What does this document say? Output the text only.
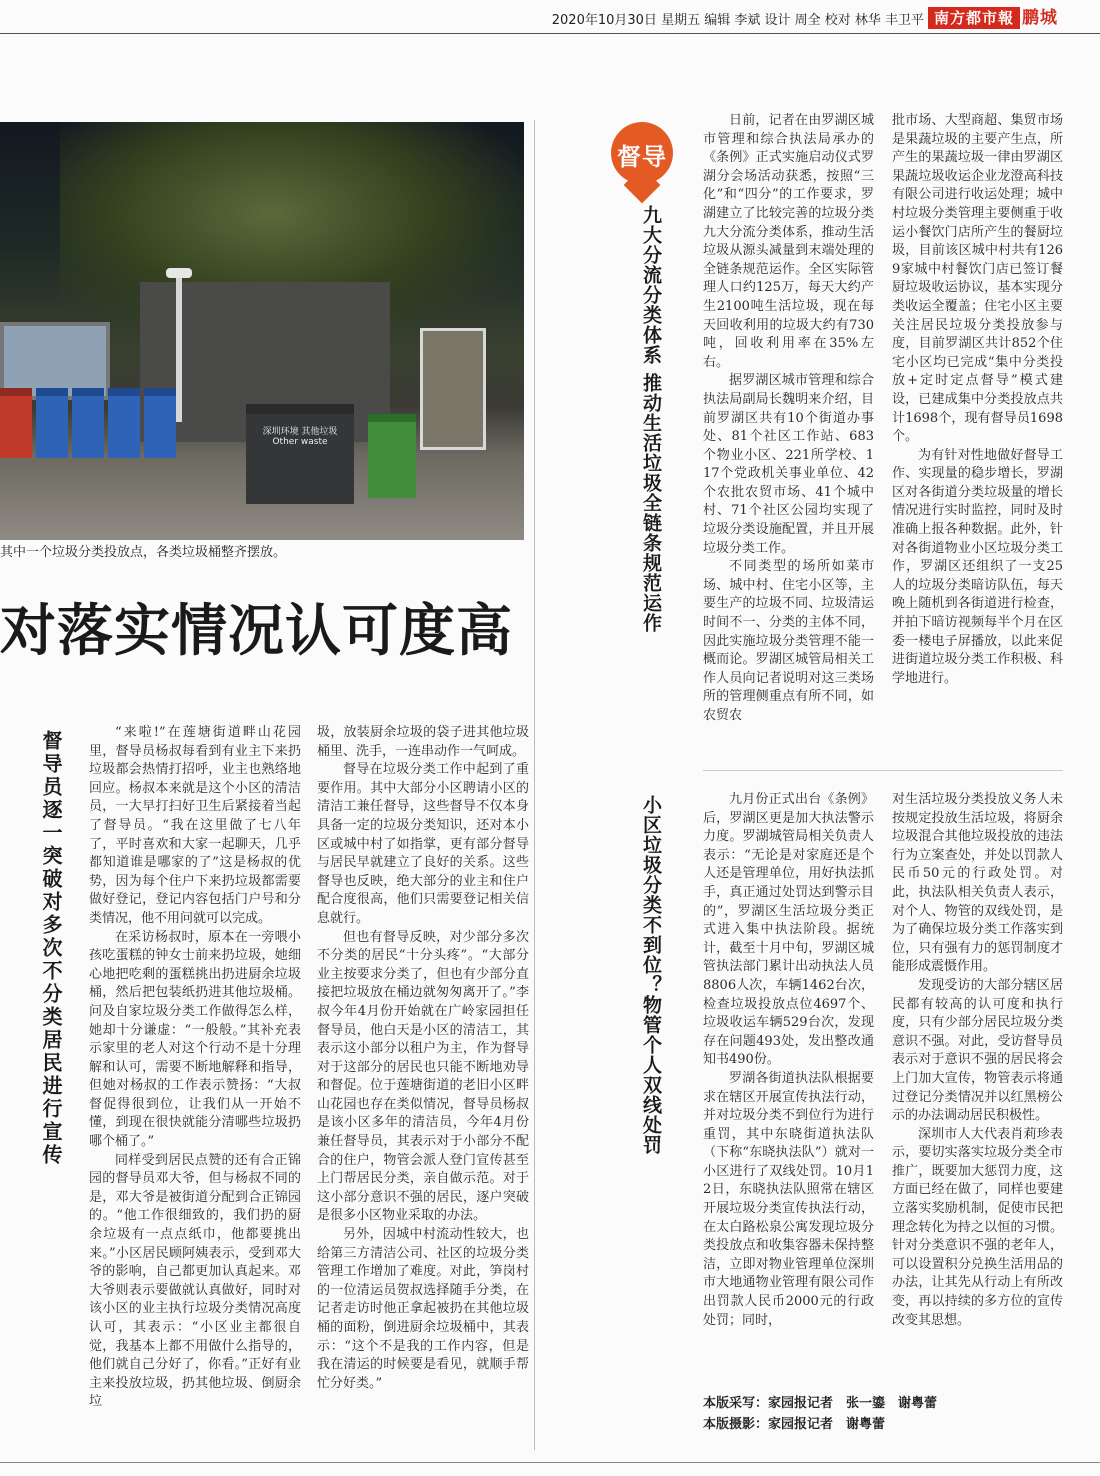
2020年10月30日 星期五 编辑 李斌 设计 周全 校对 林华 丰卫平 南方都市報 鹏城
深圳环境 其他垃圾 Other waste
其中一个垃圾分类投放点，各类垃圾桶整齐摆放。
对落实情况认可度高
督导员逐一突破对多次不分类居民进行宣传	“来啦!”在莲塘街道畔山花园里，督导员杨叔每看到有业主下来扔垃圾都会热情打招呼，业主也熟络地回应。杨叔本来就是这个小区的清洁员，一大早打扫好卫生后紧接着当起了督导员。“我在这里做了七八年了，平时喜欢和大家一起聊天，几乎都知道谁是哪家的了”这是杨叔的优势，因为每个住户下来扔垃圾都需要做好登记，登记内容包括门户号和分类情况，他不用问就可以完成。

在采访杨叔时，原本在一旁喂小孩吃蛋糕的钟女士前来扔垃圾，她细心地把吃剩的蛋糕挑出扔进厨余垃圾桶，然后把包装纸扔进其他垃圾桶。问及自家垃圾分类工作做得怎么样，她却十分谦虚：“一般般。”其补充表示家里的老人对这个行动不是十分理解和认可，需要不断地解释和指导，但她对杨叔的工作表示赞扬：“大叔督促得很到位，让我们从一开始不懂，到现在很快就能分清哪些垃圾扔哪个桶了。”

同样受到居民点赞的还有合正锦园的督导员邓大爷，但与杨叔不同的是，邓大爷是被街道分配到合正锦园的。“他工作很细致的，我们扔的厨余垃圾有一点点纸巾，他都要挑出来。”小区居民顾阿姨表示，受到邓大爷的影响，自己都更加认真起来。邓大爷则表示要做就认真做好，同时对该小区的业主执行垃圾分类情况高度认可，其表示：“小区业主都很自觉，我基本上都不用做什么指导的，他们就自己分好了，你看。”正好有业主来投放垃圾，扔其他垃圾、倒厨余垃

圾，放装厨余垃圾的袋子进其他垃圾桶里、洗手，一连串动作一气呵成。

督导在垃圾分类工作中起到了重要作用。其中大部分小区聘请小区的清洁工兼任督导，这些督导不仅本身具备一定的垃圾分类知识，还对本小区或城中村了如指掌，更有部分督导与居民早就建立了良好的关系。这些督导也反映，绝大部分的业主和住户配合度很高，他们只需要登记相关信息就行。

但也有督导反映，对少部分多次不分类的居民“十分头疼”。“大部分业主按要求分类了，但也有少部分直接把垃圾放在桶边就匆匆离开了。”李叔今年4月份开始就在广岭家园担任督导员，他白天是小区的清洁工，其表示这小部分以租户为主，作为督导对于这部分的居民也只能不断地劝导和督促。位于莲塘街道的老旧小区畔山花园也存在类似情况，督导员杨叔是该小区多年的清洁员，今年4月份兼任督导员，其表示对于小部分不配合的住户，物管会派人登门宣传甚至上门帮居民分类，亲自做示范。对于这小部分意识不强的居民，逐户突破是很多小区物业采取的办法。

另外，因城中村流动性较大，也给第三方清洁公司、社区的垃圾分类管理工作增加了难度。对此，笋岗村的一位清运员贺叔选择随手分类，在记者走访时他正拿起被扔在其他垃圾桶的面粉，倒进厨余垃圾桶中，其表示：“这个不是我的工作内容，但是我在清运的时候要是看见，就顺手帮忙分好类。”

督导
九大分流分类体系 推动生活垃圾全链条规范运作
小区垃圾分类不到位？物管个人双线处罚

日前，记者在由罗湖区城市管理和综合执法局承办的《条例》正式实施启动仪式罗湖分会场活动获悉，按照“三化”和“四分”的工作要求，罗湖建立了比较完善的垃圾分类九大分流分类体系，推动生活垃圾从源头减量到末端处理的全链条规范运作。全区实际管理人口约125万，每天大约产生2100吨生活垃圾，现在每天回收利用的垃圾大约有730吨，回收利用率在35%左右。

据罗湖区城市管理和综合执法局副局长魏明来介绍，目前罗湖区共有10个街道办事处、81个社区工作站、683个物业小区、221所学校、117个党政机关事业单位、42个农批农贸市场、41个城中村、71个社区公园均实现了垃圾分类设施配置，并且开展垃圾分类工作。

不同类型的场所如菜市场、城中村、住宅小区等，主要生产的垃圾不同、垃圾清运时间不一、分类的主体不同，因此实施垃圾分类管理不能一概而论。罗湖区城管局相关工作人员向记者说明对这三类场所的管理侧重点有所不同，如农贸农

批市场、大型商超、集贸市场是果蔬垃圾的主要产生点，所产生的果蔬垃圾一律由罗湖区果蔬垃圾收运企业龙澄高科技有限公司进行收运处理；城中村垃圾分类管理主要侧重于收运小餐饮门店所产生的餐厨垃圾，目前该区城中村共有1269家城中村餐饮门店已签订餐厨垃圾收运协议，基本实现分类收运全覆盖；住宅小区主要关注居民垃圾分类投放参与度，目前罗湖区共计852个住宅小区均已完成“集中分类投放+定时定点督导”模式建设，已建成集中分类投放点共计1698个，现有督导员1698个。

为有针对性地做好督导工作、实现量的稳步增长，罗湖区对各街道分类垃圾量的增长情况进行实时监控，同时及时准确上报各种数据。此外，针对各街道物业小区垃圾分类工作，罗湖区还组织了一支25人的垃圾分类暗访队伍，每天晚上随机到各街道进行检查，并拍下暗访视频每半个月在区委一楼电子屏播放，以此来促进街道垃圾分类工作积极、科学地进行。

九月份正式出台《条例》后，罗湖区更是加大执法警示力度。罗湖城管局相关负责人表示：“无论是对家庭还是个人还是管理单位，用好执法抓手，真正通过处罚达到警示目的”，罗湖区生活垃圾分类正式进入集中执法阶段。据统计，截至十月中旬，罗湖区城管执法部门累计出动执法人员8806人次，车辆1462台次，检查垃圾投放点位4697个、垃圾收运车辆529台次，发现存在问题493处，发出整改通知书490份。

罗湖各街道执法队根据要求在辖区开展宣传执法行动，并对垃圾分类不到位行为进行重罚，其中东晓街道执法队（下称“东晓执法队”）就对一小区进行了双线处罚。10月12日，东晓执法队照常在辖区开展垃圾分类宣传执法行动，在太白路松泉公寓发现垃圾分类投放点和收集容器未保持整洁，立即对物业管理单位深圳市大地通物业管理有限公司作出罚款人民币2000元的行政处罚；同时，

对生活垃圾分类投放义务人未按规定投放生活垃圾，将厨余垃圾混合其他垃圾投放的违法行为立案查处，并处以罚款人民币50元的行政处罚。对此，执法队相关负责人表示，对个人、物管的双线处罚，是为了确保垃圾分类工作落实到位，只有强有力的惩罚制度才能形成震慑作用。

发现受访的大部分辖区居民都有较高的认可度和执行度，只有少部分居民垃圾分类意识不强。对此，受访督导员表示对于意识不强的居民将会上门加大宣传，物管表示将通过登记分类情况并以红黑榜公示的办法调动居民积极性。

深圳市人大代表肖莉珍表示，要切实落实垃圾分类全市推广，既要加大惩罚力度，这方面已经在做了，同样也要建立落实奖励机制，促使市民把理念转化为持之以恒的习惯。针对分类意识不强的老年人，可以设置积分兑换生活用品的办法，让其先从行动上有所改变，再以持续的多方位的宣传改变其思想。

本版采写：家园报记者　张一鎏　谢粤蕾
本版摄影：家园报记者　谢粤蕾
